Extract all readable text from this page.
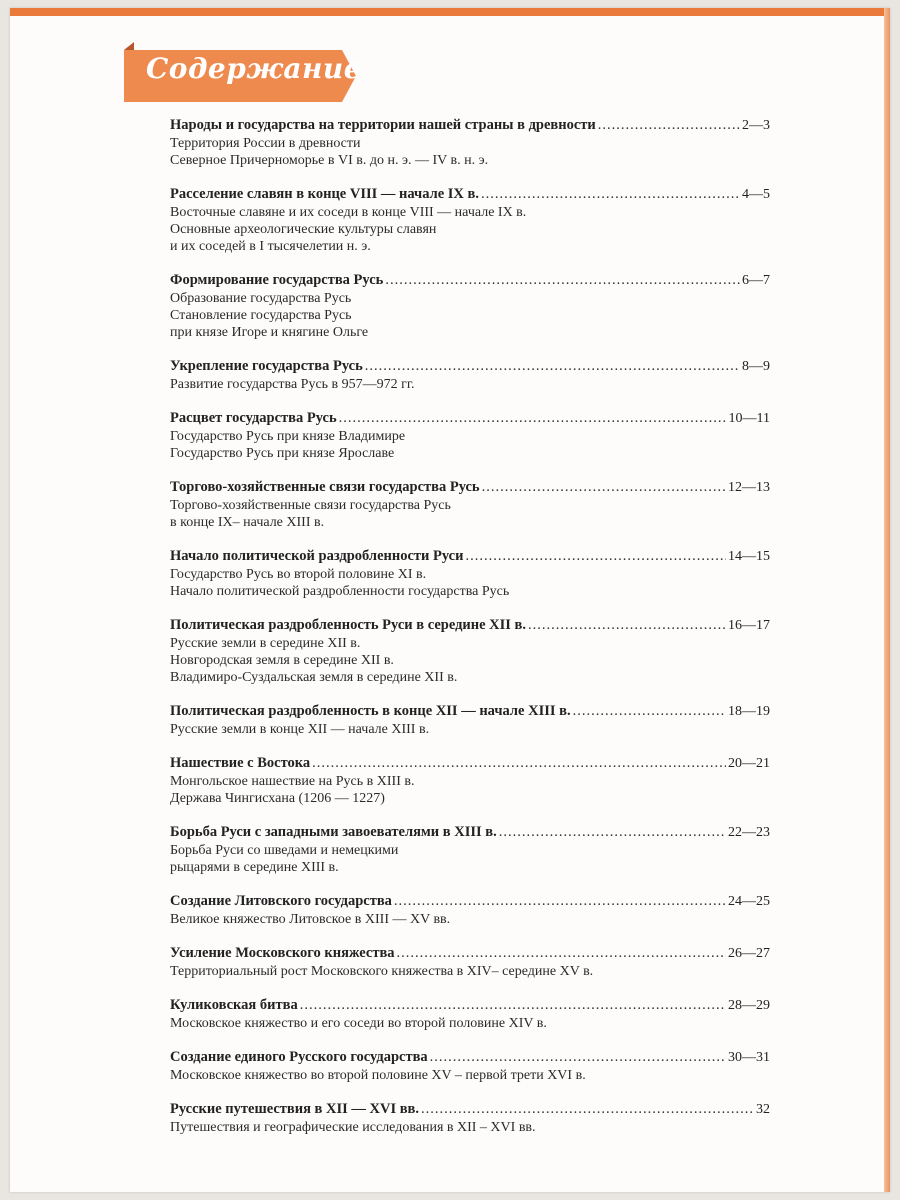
Содержание
Народы и государства на территории нашей страны в древности .....	2—3
Территория России в древности
Северное Причерноморье в VI в. до н. э. — IV в. н. э.
Расселение славян в конце VIII — начале IX в. .....	4—5
Восточные славяне и их соседи в конце VIII — начале IX в.
Основные археологические культуры славян
и их соседей в I тысячелетии н. э.
Формирование государства Русь .....	6—7
Образование государства Русь
Становление государства Русь
при князе Игоре и княгине Ольге
Укрепление государства Русь .....	8—9
Развитие государства Русь в 957—972 гг.
Расцвет государства Русь .....	10—11
Государство Русь при князе Владимире
Государство Русь при князе Ярославе
Торгово-хозяйственные связи государства Русь .....	12—13
Торгово-хозяйственные связи государства Русь
в конце IX– начале XIII в.
Начало политической раздробленности Руси .....	14—15
Государство Русь во второй половине XI в.
Начало политической раздробленности государства Русь
Политическая раздробленность Руси в середине XII в. .....	16—17
Русские земли в середине XII в.
Новгородская земля в середине XII в.
Владимиро-Суздальская земля в середине XII в.
Политическая раздробленность в конце XII — начале XIII в. .....	18—19
Русские земли в конце XII — начале XIII в.
Нашествие с Востока .....	20—21
Монгольское нашествие на Русь в XIII в.
Держава Чингисхана (1206 — 1227)
Борьба Руси с западными завоевателями в XIII в. .....	22—23
Борьба Руси со шведами и немецкими
рыцарями в середине XIII в.
Создание Литовского государства .....	24—25
Великое княжество Литовское в XIII — XV вв.
Усиление Московского княжества .....	26—27
Территориальный рост Московского княжества в XIV– середине XV в.
Куликовская битва .....	28—29
Московское княжество и его соседи во второй половине XIV в.
Создание единого Русского государства .....	30—31
Московское княжество во второй половине XV – первой трети XVI в.
Русские путешествия в XII — XVI вв. .....	32
Путешествия и географические исследования в XII – XVI вв.
